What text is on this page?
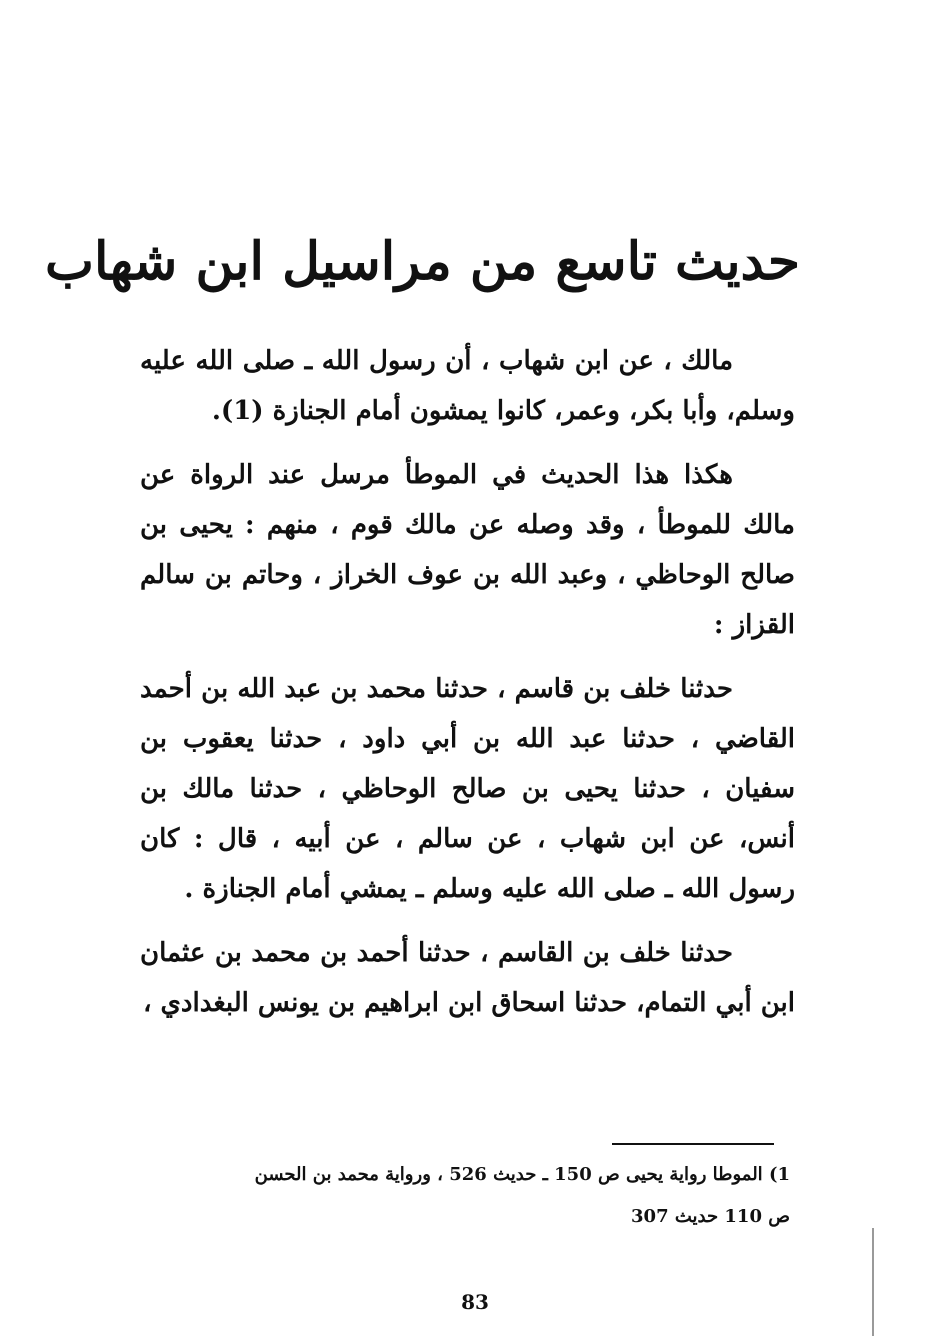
حديث تاسع من مراسيل ابن شهاب

مالك ، عن ابن شهاب ، أن رسول الله ـ صلى الله عليه وسلم، وأبا بكر، وعمر، كانوا يمشون أمام الجنازة (1).

هكذا هذا الحديث في الموطأ مرسل عند الرواة عن مالك للموطأ ، وقد وصله عن مالك قوم ، منهم : يحيى بن صالح الوحاظي ، وعبد الله بن عوف الخراز ، وحاتم بن سالم القزاز :

حدثنا خلف بن قاسم ، حدثنا محمد بن عبد الله بن أحمد القاضي ، حدثنا عبد الله بن أبي داود ، حدثنا يعقوب بن سفيان ، حدثنا يحيى بن صالح الوحاظي ، حدثنا مالك بن أنس، عن ابن شهاب ، عن سالم ، عن أبيه ، قال : كان رسول الله ـ صلى الله عليه وسلم ـ يمشي أمام الجنازة .

حدثنا خلف بن القاسم ، حدثنا أحمد بن محمد بن عثمان ابن أبي التمام، حدثنا اسحاق ابن ابراهيم بن يونس البغدادي ،

1) الموطا رواية يحيى ص 150 ـ حديث 526 ، ورواية محمد بن الحسن

ص 110 حديث 307

83
